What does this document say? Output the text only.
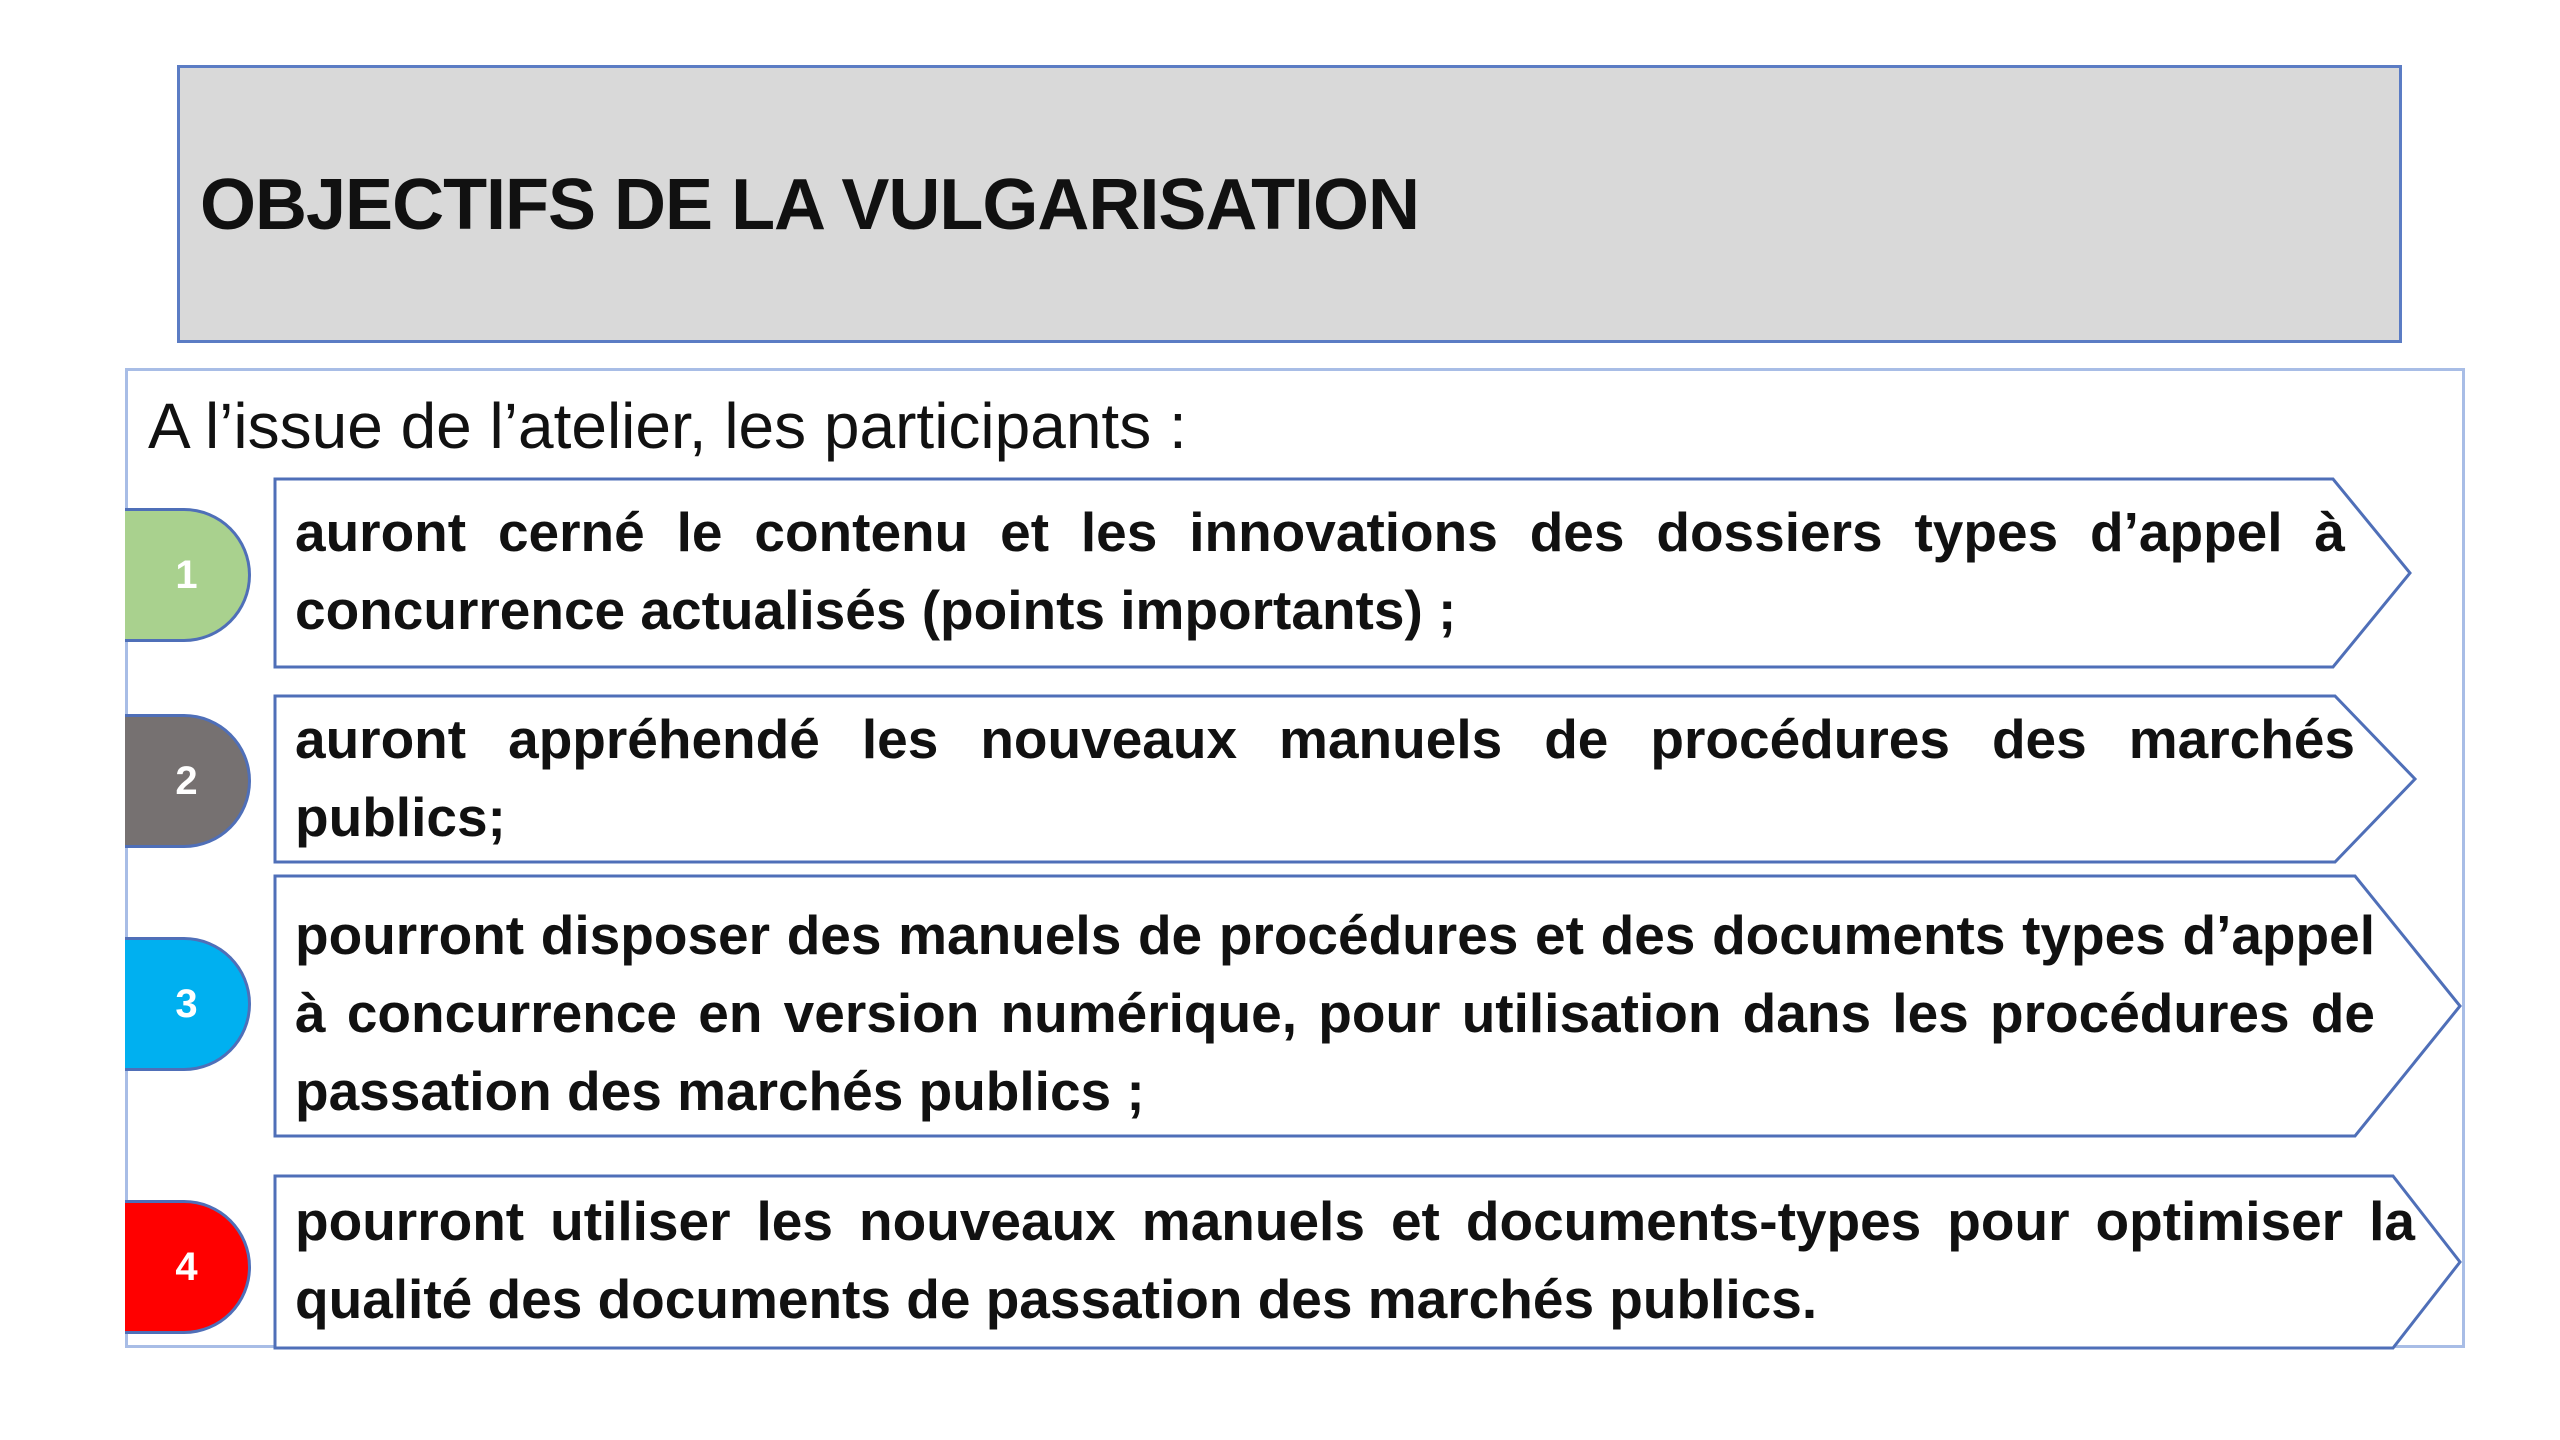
OBJECTIFS DE LA VULGARISATION
A l’issue de l’atelier, les participants :
1
auront cerné le contenu et les innovations des dossiers types d’appel à concurrence actualisés (points importants) ;
2
auront appréhendé les nouveaux manuels de procédures des marchés publics;
3
pourront disposer des manuels de procédures et des documents types d’appel à concurrence en version numérique, pour utilisation dans les procédures de passation des marchés publics ;
4
pourront utiliser les nouveaux manuels et documents-types pour optimiser la qualité des documents de passation des marchés publics.
